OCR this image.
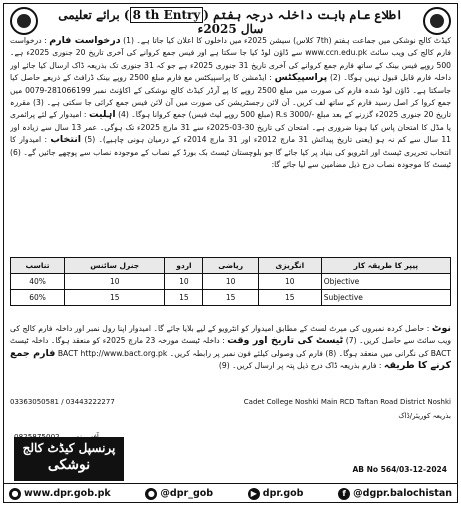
اطلاع عام بابت داخلہ درجہ ہفتم (8 th Entry) برائے تعلیمی سال 2025ء
کیڈٹ کالج نوشکی میں جماعت ہفتم (7th کلاس) سیشن 2025ء میں داخلوں کا اعلان کیا جاتا ہے۔ (1) درخواست فارم : درخواست فارم کالج کی ویب سائٹ www.ccn.edu.pk سے ڈاؤن لوڈ کیا جا سکتا ہے اور فیس جمع کروانے کی آخری تاریخ 20 جنوری 2025ء ہے۔ 500 روپے فیس بینک کے ساتھ فارم جمع کروانے کی آخری تاریخ 31 جنوری 2025ء ہے جو کہ 31 جنوری تک بذریعہ ڈاک ارسال کیا جائے اور داخلہ فارم قابل قبول نہیں ہوگا۔ (2) پراسپیکٹس : ایڈمشن کا پراسپیکٹس مع فارم مبلغ 2500 روپے بینک ڈرافٹ کے ذریعے حاصل کیا جاسکتا ہے۔ ڈاؤن لوڈ شدہ فارم کی صورت میں مبلغ 2500 روپے کا پے آرڈر کیڈٹ کالج نوشکی کے اکاؤنٹ نمبر 0079-281066199 میں جمع کروا کر اصل رسید فارم کے ساتھ لف کریں۔ آن لائن رجسٹریشن کی صورت میں آن لائن فیس جمع کرائی جا سکتی ہے۔ (3) مقررہ تاریخ 20 جنوری 2025ء گزرنے کے بعد مبلغ R.s 3000/- (مبلغ 500 روپے لیٹ فیس) جمع کروانا ہوگا۔ (4) اہلیت : امیدوار کے لئے پرائمری یا مڈل کا امتحان پاس کیا ہونا ضروری ہے۔ امتحان کی تاریخ 30-03-2025ء سے 31 مارچ 2025ء تک ہوگی۔ عمر 13 سال سے زیادہ اور 11 سال سے کم نہ ہو (یعنی تاریخ پیدائش 31 مارچ 2012ء اور 31 مارچ 2014ء کے درمیان ہونی چاہیے)۔ (5) انتخاب : امیدوار کا انتخاب تحریری ٹیسٹ اور انٹرویو کی بنیاد پر کیا جائے گا جو بلوچستان ٹیسٹ بک بورڈ کے نصاب کے موجودہ نصاب سے پوچھے جائیں گے۔ (6) ٹیسٹ کا موجودہ نصاب درج ذیل مضامین سے لیا جائے گا:
پیپر کا طریقہ کار	انگریزی	ریاضی	اردو	جنرل سائنس	تناسب
Objective	10	10	10	10	40%
Subjective	15	15	15	15	60%
نوٹ : حاصل کردہ نمبروں کی میرٹ لسٹ کے مطابق امیدوار کو انٹرویو کے لیے بلایا جائے گا۔ امیدوار اپنا رول نمبر اور داخلہ فارم کالج کی ویب سائٹ سے حاصل کریں۔ (7) ٹیسٹ کی تاریخ اور وقت : داخلہ ٹیسٹ مورخہ 23 مارچ 2025ء کو منعقد ہوگا۔ داخلہ ٹیسٹ BACT کی نگرانی میں منعقد ہوگا۔ (8) فارم کی وصولی کیلئے فون نمبر پر رابطہ کریں۔ BACT http://www.bact.org.pk فارم جمع کرنے کا طریقہ : فارم بذریعہ ڈاک درج ذیل پتہ پر ارسال کریں۔ (9)
03363050581 / 03443222277	Cadet College Noshki Main RCD Taftan Road District Noshki
بذریعہ کوریئر/ڈاک
پرنسپل کیڈٹ کالج
نوشکی	AB No 564/03-12-2024
● www.dpr.gob.pk	● @dpr_gob	▶ dpr.gob	f @dgpr.balochistan
